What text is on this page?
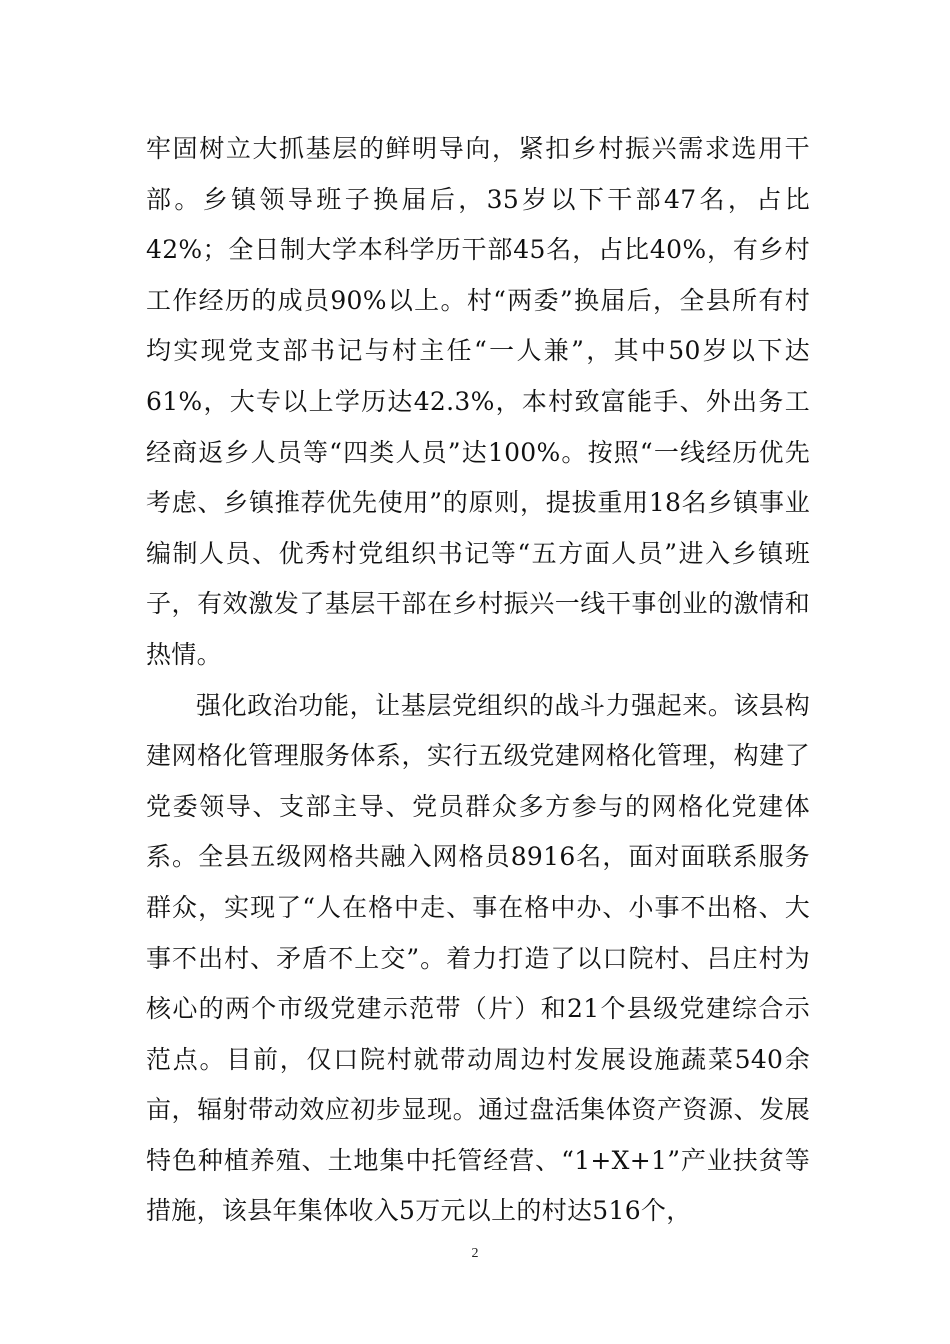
牢固树立大抓基层的鲜明导向，紧扣乡村振兴需求选用干部。乡镇领导班子换届后，35岁以下干部47名，占比42%；全日制大学本科学历干部45名，占比40%，有乡村工作经历的成员90%以上。村“两委”换届后，全县所有村均实现党支部书记与村主任“一人兼”，其中50岁以下达61%，大专以上学历达42.3%，本村致富能手、外出务工经商返乡人员等“四类人员”达100%。按照“一线经历优先考虑、乡镇推荐优先使用”的原则，提拔重用18名乡镇事业编制人员、优秀村党组织书记等“五方面人员”进入乡镇班子，有效激发了基层干部在乡村振兴一线干事创业的激情和热情。

强化政治功能，让基层党组织的战斗力强起来。该县构建网格化管理服务体系，实行五级党建网格化管理，构建了党委领导、支部主导、党员群众多方参与的网格化党建体系。全县五级网格共融入网格员8916名，面对面联系服务群众，实现了“人在格中走、事在格中办、小事不出格、大事不出村、矛盾不上交”。着力打造了以口院村、吕庄村为核心的两个市级党建示范带（片）和21个县级党建综合示范点。目前，仅口院村就带动周边村发展设施蔬菜540余亩，辐射带动效应初步显现。通过盘活集体资产资源、发展特色种植养殖、土地集中托管经营、“1+X+1”产业扶贫等措施，该县年集体收入5万元以上的村达516个，

2
